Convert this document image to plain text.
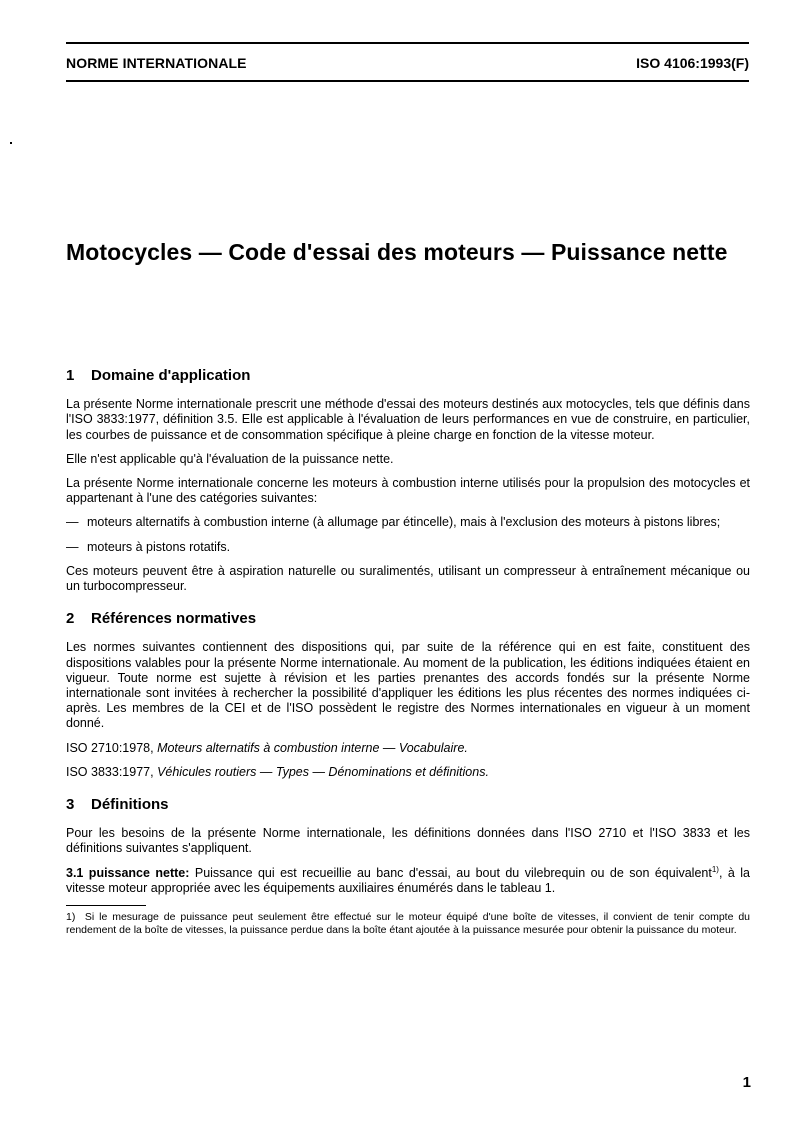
NORME INTERNATIONALE	ISO 4106:1993(F)
Motocycles — Code d'essai des moteurs — Puissance nette
1	Domaine d'application

La présente Norme internationale prescrit une méthode d'essai des moteurs destinés aux motocycles, tels que définis dans l'ISO 3833:1977, définition 3.5. Elle est applicable à l'évaluation de leurs performances en vue de construire, en particulier, les courbes de puissance et de consommation spécifique à pleine charge en fonction de la vitesse moteur.

Elle n'est applicable qu'à l'évaluation de la puissance nette.

La présente Norme internationale concerne les moteurs à combustion interne utilisés pour la propulsion des motocycles et appartenant à l'une des catégories suivantes:

— moteurs alternatifs à combustion interne (à allumage par étincelle), mais à l'exclusion des moteurs à pistons libres;
— moteurs à pistons rotatifs.

Ces moteurs peuvent être à aspiration naturelle ou suralimentés, utilisant un compresseur à entraînement mécanique ou un turbocompresseur.

2	Références normatives

Les normes suivantes contiennent des dispositions qui, par suite de la référence qui en est faite, constituent des dispositions valables pour la présente Norme internationale. Au moment de la publication, les éditions indiquées étaient en vigueur. Toute norme est sujette à révision et les parties prenantes des accords fondés sur la présente Norme internationale sont invitées à rechercher la possibilité d'appliquer les éditions les plus récentes des normes indiquées ci-après. Les membres de la CEI et de l'ISO possèdent le registre des Normes internationales en vigueur à un moment donné.

ISO 2710:1978, Moteurs alternatifs à combustion interne — Vocabulaire.

ISO 3833:1977, Véhicules routiers — Types — Dénominations et définitions.

3	Définitions

Pour les besoins de la présente Norme internationale, les définitions données dans l'ISO 2710 et l'ISO 3833 et les définitions suivantes s'appliquent.

3.1 puissance nette: Puissance qui est recueillie au banc d'essai, au bout du vilebrequin ou de son équivalent$^{1)}$, à la vitesse moteur appropriée avec les équipements auxiliaires énumérés dans le tableau 1.

1) Si le mesurage de puissance peut seulement être effectué sur le moteur équipé d'une boîte de vitesses, il convient de tenir compte du rendement de la boîte de vitesses, la puissance perdue dans la boîte étant ajoutée à la puissance mesurée pour obtenir la puissance du moteur.
1
